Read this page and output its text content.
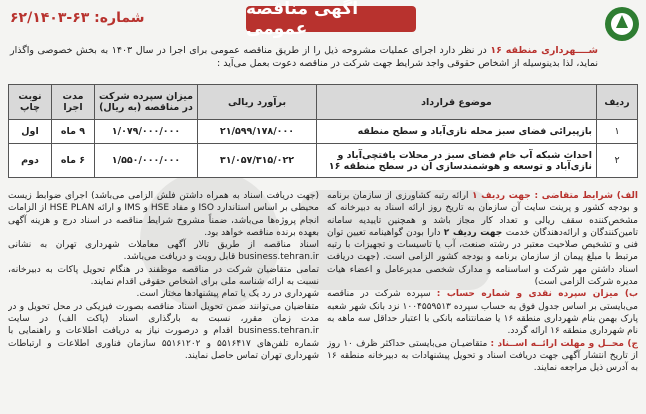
آگهی مناقصه عمومی
شماره: ۶۳-۶۲/۱۴۰۳
شــــهرداری منطقه ۱۶ در نظر دارد اجرای عملیات مشروحه ذیل را از طریق مناقصه عمومی برای اجرا در سال ۱۴۰۳ به بخش خصوصی واگذار نماید، لذا بدینوسیله از اشخاص حقوقی واجد شرایط جهت شرکت در مناقصه دعوت بعمل می‌آید :
ردیف	موضوع قرارداد	برآورد ریالی	میزان سپرده شرکت در مناقصه (به ریال)	مدت اجرا	نوبت چاپ
۱	بازپیرائی فضای سبز محله نازی‌آباد و سطح منطقه	۲۱/۵۹۹/۱۷۸/۰۰۰	۱/۰۷۹/۰۰۰/۰۰۰	۹ ماه	اول
۲	احداث شبکه آب خام فضای سبز در محلات یافتچی‌آباد و نازی‌آباد و توسعه و هوشمندسازی آن در سطح منطقه ۱۶	۳۱/۰۵۷/۳۱۵/۰۲۲	۱/۵۵۰/۰۰۰/۰۰۰	۶ ماه	دوم
الف) شرایط متقاضی : جهت ردیف ۱ ارائه رتبه کشاورزی از سازمان برنامه و بودجه کشور و پرینت سایت آن سازمان به تاریخ روز ارائه اسناد به دبیرخانه که مشخص‌کننده سقف ریالی و تعداد کار مجاز باشد و همچنین تاییدیه سامانه تامین‌کنندگان و ارائه‌دهندگان خدمت جهت ردیف ۲ دارا بودن گواهینامه تعیین توان فنی و تشخیص صلاحیت معتبر در رشته صنعت، آب یا تاسیسات و تجهیزات با رتبه مرتبط با مبلغ پیمان از سازمان برنامه و بودجه کشور الزامی است. (جهت دریافت اسناد داشتن مهر شرکت و اساسنامه و مدارک شخصی مدیرعامل و اعضاء هیات مدیره شرکت الزامی است)
ب) میزان سپرده نقدی و شماره حساب : سپرده شرکت در مناقصه می‌بایستی بر اساس جدول فوق به حساب سپرده ۱۰۰۴۵۵۹۵۱۳ نزد بانک شهر شعبه پارک بهمن بنام شهرداری منطقه ۱۶ یا ضمانتنامه بانکی با اعتبار حداقل سه ماهه به نام شهرداری منطقه ۱۶ ارائه گردد.
ج) محــل و مهلت ارائــه اســناد : متقاضیـان می‌بایستی حداکثر ظرف ۱۰ روز از تاریخ انتشار آگهی جهت دریافت اسناد و تحویل پیشنهادات به دبیرخانه منطقه ۱۶ به آدرس ذیل مراجعه نمایند.
(جهت دریافت اسناد به همراه داشتن فلش الزامی می‌باشد) اجرای ضوابط زیست محیطی بر اساس استاندارد ISO و مفاد HSE و IMS و ارائه HSE PLAN از الزامات انجام پروژه‌ها می‌باشد، ضمناً مشروح شرایط مناقصه در اسناد درج و هزینه آگهی بعهده برنده مناقصه خواهد بود.
اسناد مناقصه از طریق تالار آگهی معاملات شهرداری تهران به نشانی business.tehran.ir قابل رویت و دریافت می‌باشد.
تمامی متقاضیان شرکت در مناقصه موظفند در هنگام تحویل پاکات به دبیرخانه، نسبت به ارائه شناسه ملی برای اشخاص حقوقی اقدام نمایند.
شهرداری در رد یک یا تمام پیشنهادها مختار است.
متقاضیان می‌توانند ضمن تحویل اسناد مناقصه بصورت فیزیکی در محل تحویل و در مدت زمان مقرر، نسبت به بارگذاری اسناد (پاکت الف) در سایت business.tehran.ir اقدام و درصورت نیاز به دریافت اطلاعات و راهنمایی با شماره تلفن‌های ۵۵۱۶۴۱۷ و ۵۵۱۶۱۲۰۲ سازمان فناوری اطلاعات و ارتباطات شهرداری تهران تماس حاصل نمایند.
